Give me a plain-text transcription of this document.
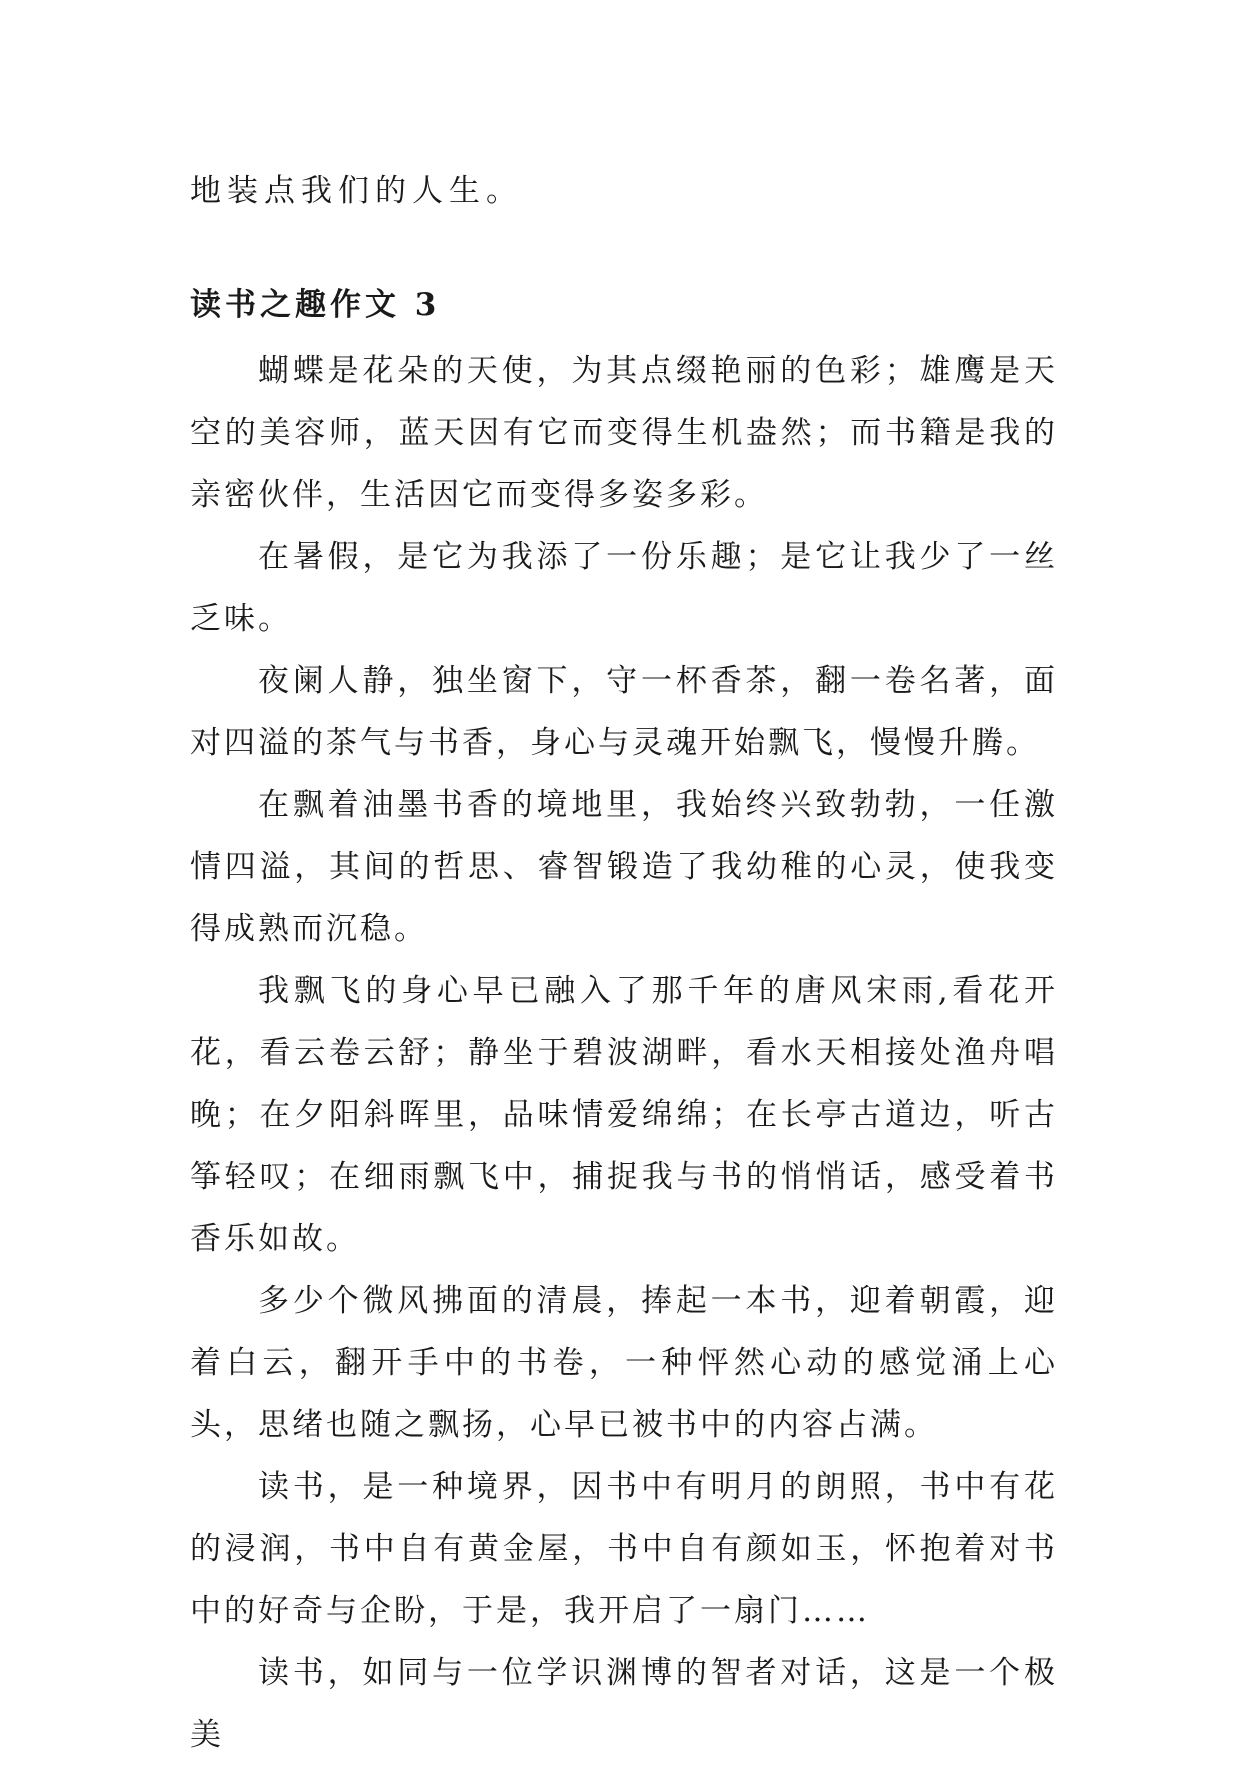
地装点我们的人生。

读书之趣作文 3

蝴蝶是花朵的天使，为其点缀艳丽的色彩；雄鹰是天空的美容师，蓝天因有它而变得生机盎然；而书籍是我的亲密伙伴，生活因它而变得多姿多彩。

在暑假，是它为我添了一份乐趣；是它让我少了一丝乏味。

夜阑人静，独坐窗下，守一杯香茶，翻一卷名著，面对四溢的茶气与书香，身心与灵魂开始飘飞，慢慢升腾。

在飘着油墨书香的境地里，我始终兴致勃勃，一任激情四溢，其间的哲思、睿智锻造了我幼稚的心灵，使我变得成熟而沉稳。

我飘飞的身心早已融入了那千年的唐风宋雨,看花开花，看云卷云舒；静坐于碧波湖畔，看水天相接处渔舟唱晚；在夕阳斜晖里，品味情爱绵绵；在长亭古道边，听古筝轻叹；在细雨飘飞中，捕捉我与书的悄悄话，感受着书香乐如故。

多少个微风拂面的清晨，捧起一本书，迎着朝霞，迎着白云，翻开手中的书卷，一种怦然心动的感觉涌上心头，思绪也随之飘扬，心早已被书中的内容占满。

读书，是一种境界，因书中有明月的朗照，书中有花的浸润，书中自有黄金屋，书中自有颜如玉，怀抱着对书中的好奇与企盼，于是，我开启了一扇门……

读书，如同与一位学识渊博的智者对话，这是一个极美
